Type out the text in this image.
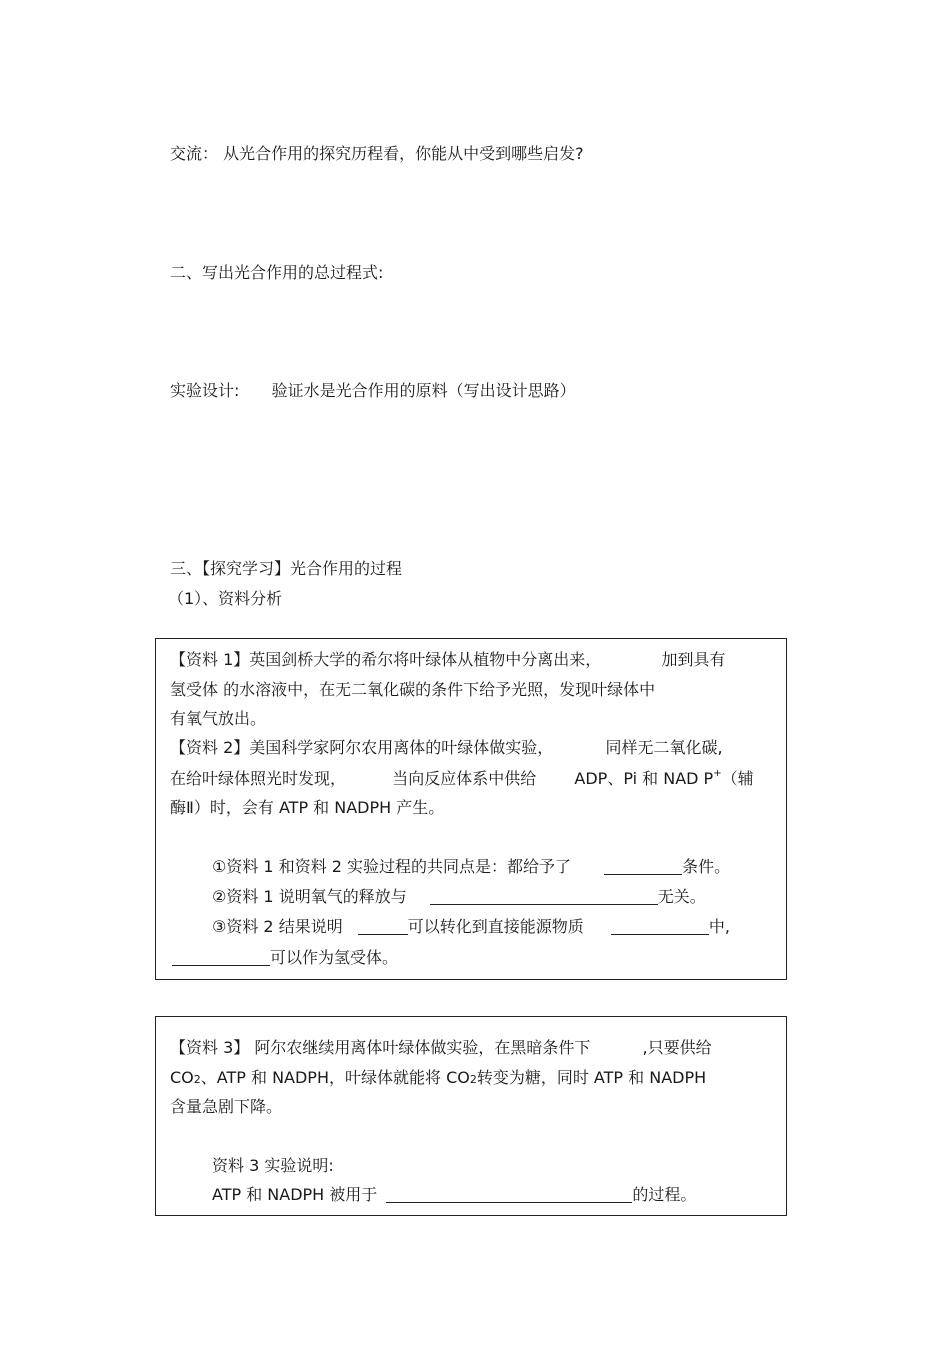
交流： 从光合作用的探究历程看，你能从中受到哪些启发?
二、写出光合作用的总过程式:
实验设计: 验证水是光合作用的原料（写出设计思路）
三、【探究学习】光合作用的过程
（1）、资料分析
【资料 1】英国剑桥大学的希尔将叶绿体从植物中分离出来，	加到具有
氢受体 的水溶液中，在无二氧化碳的条件下给予光照，发现叶绿体中
有氧气放出。
【资料 2】美国科学家阿尔农用离体的叶绿体做实验，	同样无二氧化碳,
在给叶绿体照光时发现，	当向反应体系中供给 ADP、Pi 和 NAD P+（辅
酶Ⅱ）时，会有 ATP 和 NADPH 产生。
①资料 1 和资料 2 实验过程的共同点是：都给予了	条件。
②资料 1 说明氧气的释放与	无关。
③资料 2 结果说明	可以转化到直接能源物质	中,
可以作为氢受体。
【资料 3】 阿尔农继续用离体叶绿体做实验，在黑暗条件下	,只要供给
CO2、ATP 和 NADPH，叶绿体就能将 CO2转变为糖，同时 ATP 和 NADPH
含量急剧下降。
资料 3 实验说明:
ATP 和 NADPH 被用于	的过程。
